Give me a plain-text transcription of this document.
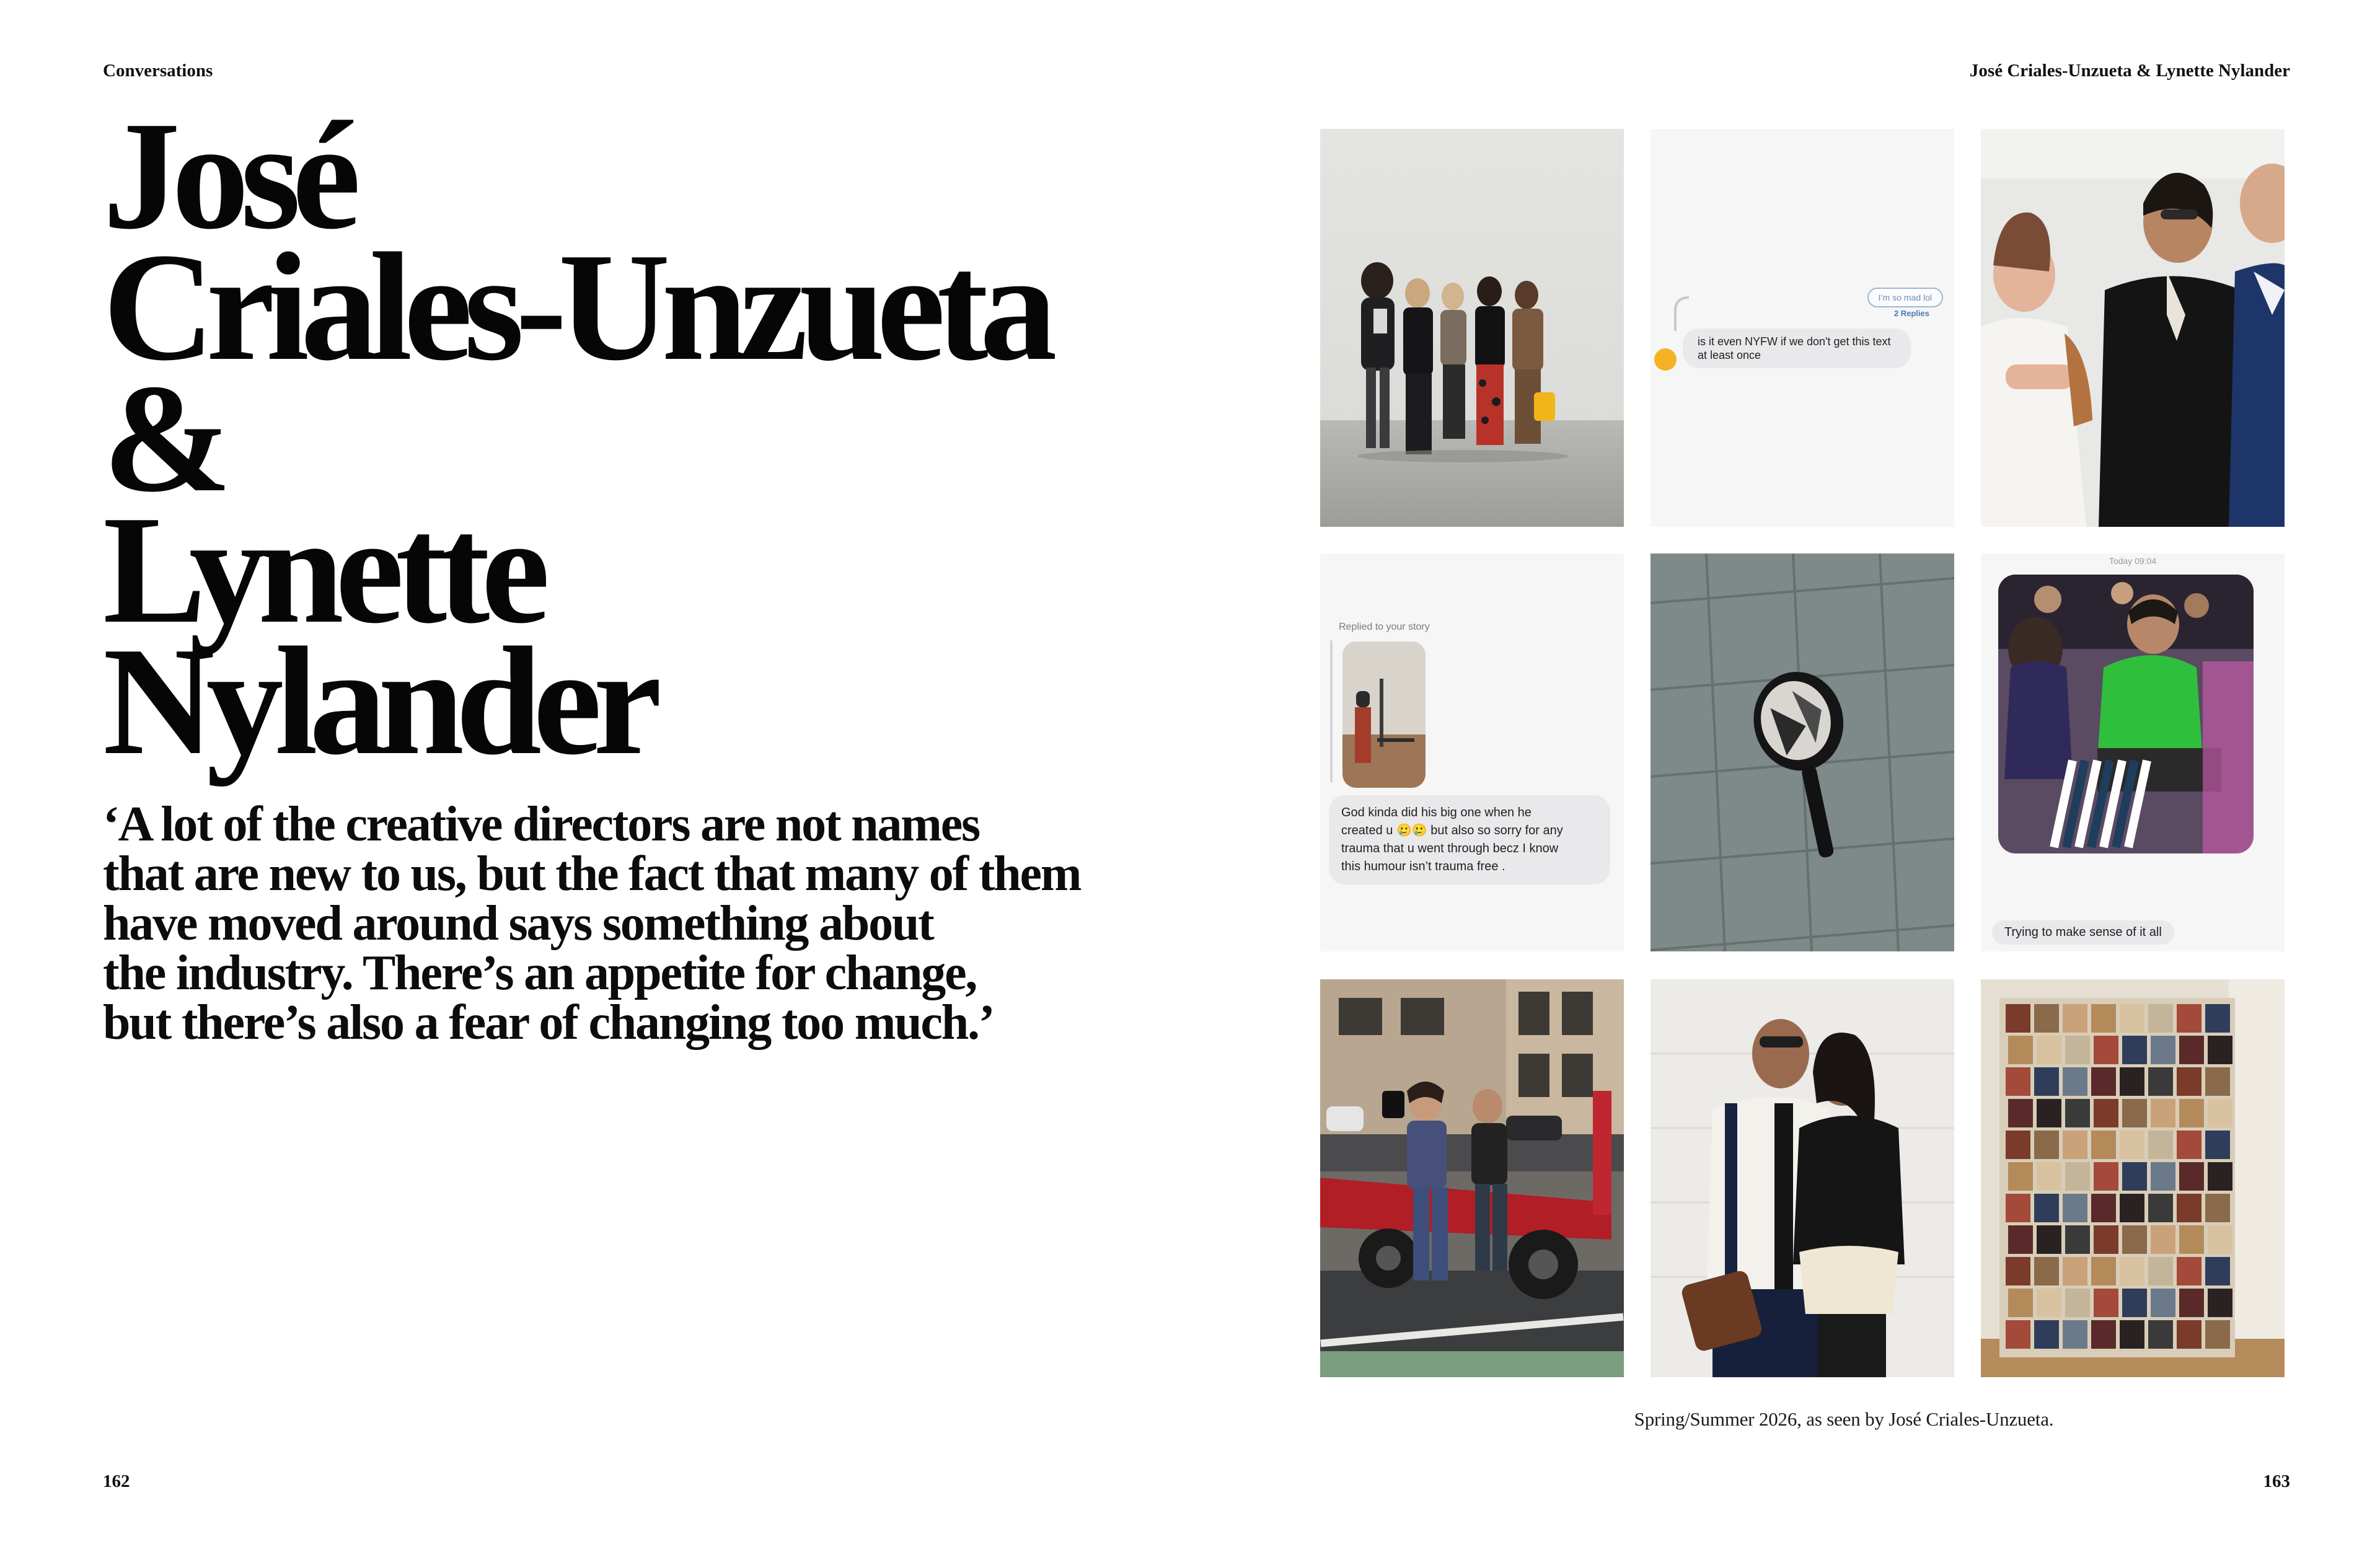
Conversations	José Criales-Unzueta & Lynette Nylander
José
Criales-Unzueta
&
Lynette
Nylander
‘A lot of the creative directors are not names
that are new to us, but the fact that many of them
have moved around says something about
the industry. There’s an appetite for change,
but there’s also a fear of changing too much.’
I’m so mad lol
2 Replies
is it even NYFW if we don't get this text
at least once
Replied to your story
God kinda did his big one when he
created u 🥲🥲 but also so sorry for any
trauma that u went through becz I know
this humour isn’t trauma free .
Today 09:04
Trying to make sense of it all
Spring/Summer 2026, as seen by José Criales-Unzueta.
162	163
